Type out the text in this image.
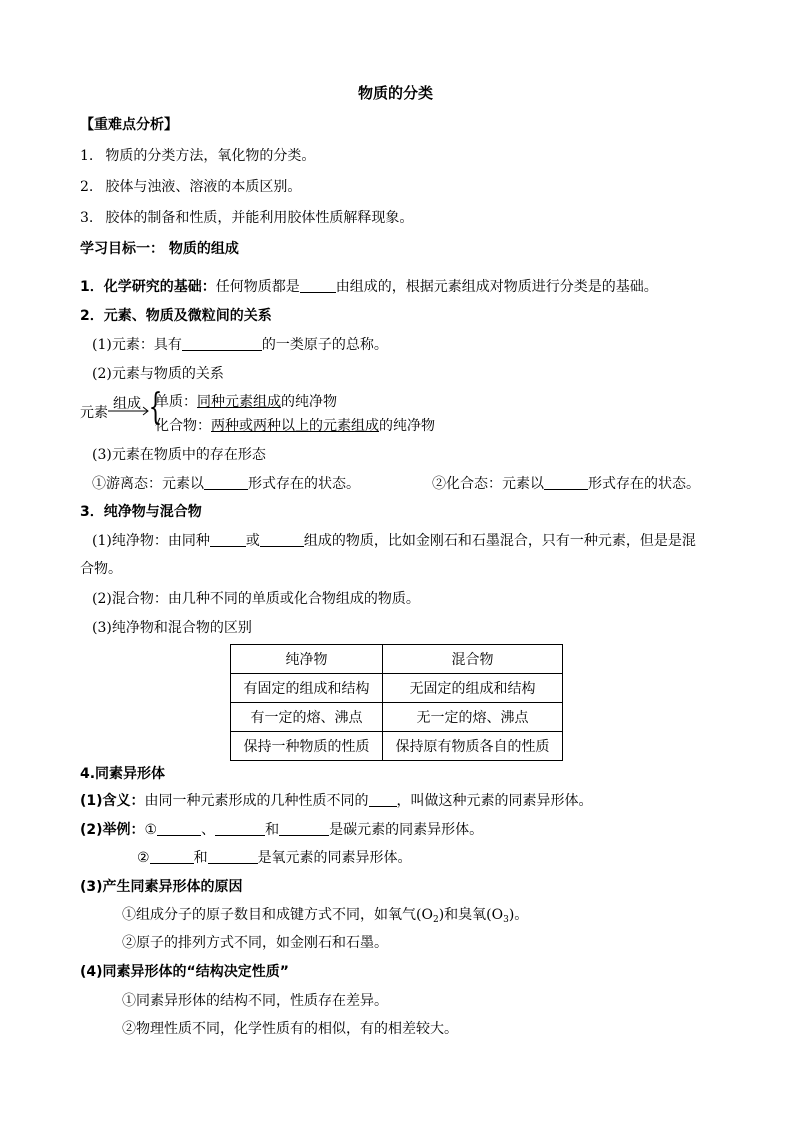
物质的分类
【重难点分析】
1. 物质的分类方法，氧化物的分类。
2. 胶体与浊液、溶液的本质区别。
3. 胶体的制备和性质，并能利用胶体性质解释现象。
学习目标一： 物质的组成
1．化学研究的基础：任何物质都是	由组成的，根据元素组成对物质进行分类是的基础。
2．元素、物质及微粒间的关系
(1)元素：具有	的一类原子的总称。
(2)元素与物质的关系
元素
组成 {
单质：同种元素组成的纯净物
化合物：两种或两种以上的元素组成的纯净物
(3)元素在物质中的存在形态
①游离态：元素以	形式存在的状态。	②化合态：元素以	形式存在的状态。
3．纯净物与混合物
(1)纯净物：由同种	或	组成的物质，比如金刚石和石墨混合，只有一种元素，但是是混
合物。
(2)混合物：由几种不同的单质或化合物组成的物质。
(3)纯净物和混合物的区别
纯净物	混合物
有固定的组成和结构	无固定的组成和结构
有一定的熔、沸点	无一定的熔、沸点
保持一种物质的性质	保持原有物质各自的性质
4.同素异形体
(1)含义：由同一种元素形成的几种性质不同的 ，叫做这种元素的同素异形体。
(2)举例：①	、	和	是碳元素的同素异形体。
②	和	是氧元素的同素异形体。
(3)产生同素异形体的原因
①组成分子的原子数目和成键方式不同，如氧气$(O_2)$和臭氧$(O_3)$。
②原子的排列方式不同，如金刚石和石墨。
(4)同素异形体的“结构决定性质”
①同素异形体的结构不同，性质存在差异。
②物理性质不同，化学性质有的相似，有的相差较大。
